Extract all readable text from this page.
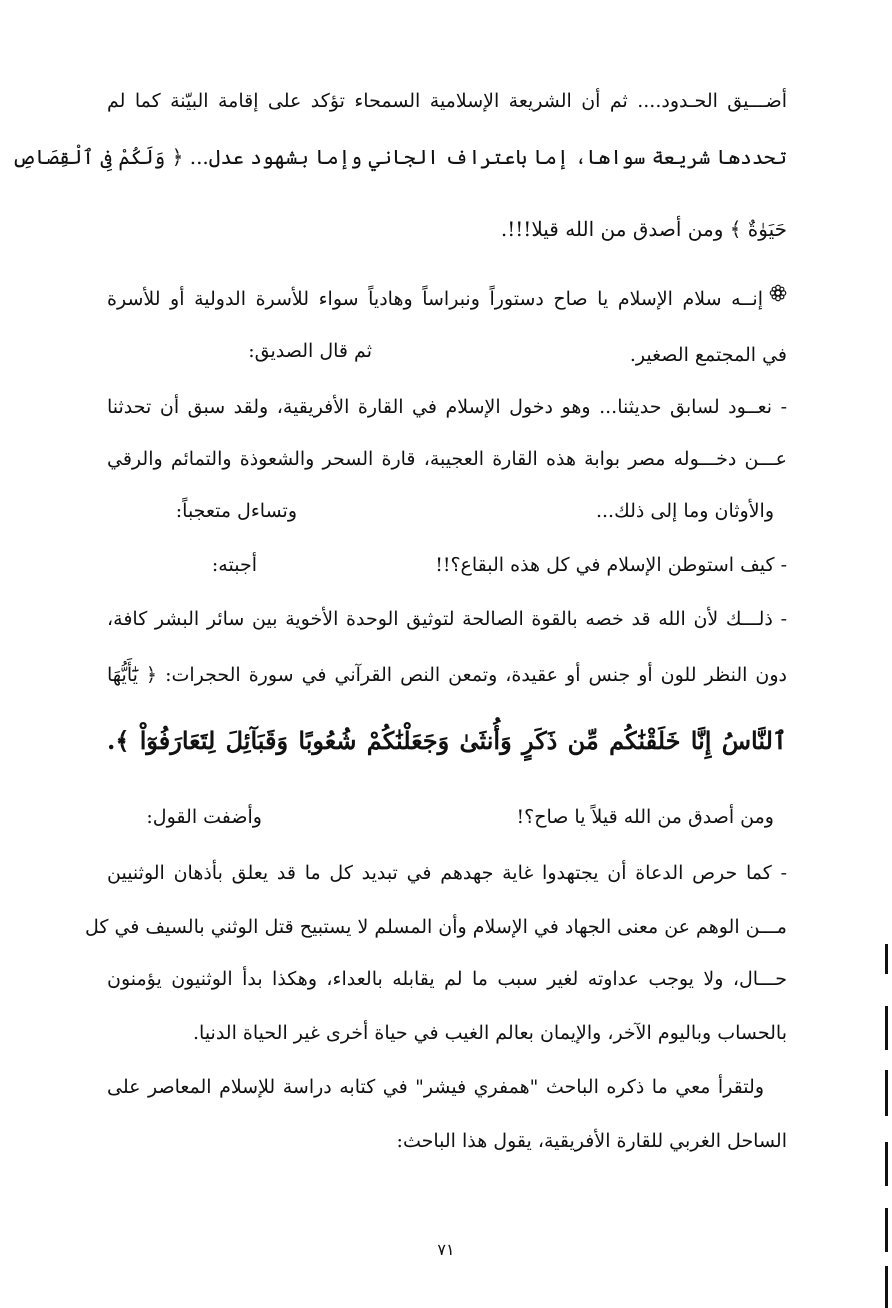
أضـــيق الحـدود.... ثم أن الشريعة الإسلامية السمحاء تؤكد على إقامة البيّنة كما لم
تحددها شريعة سواها، إما باعتراف الجاني وإما بشهود عدل... ﴿ وَلَكُمْ فِى ٱلْقِصَاصِ
حَيَوٰةٌ ﴾ ومن أصدق من الله قيلا!!!.
إنــه سلام الإسلام يا صاح دستوراً ونبراساً وهادياً سواء للأسرة الدولية أو للأسرة
في المجتمع الصغير.
ثم قال الصديق:
- نعــود لسابق حديثنا... وهو دخول الإسلام في القارة الأفريقية، ولقد سبق أن تحدثنا
عـــن دخـــوله مصر بوابة هذه القارة العجيبة، قارة السحر والشعوذة والتمائم والرقي
والأوثان وما إلى ذلك...
وتساءل متعجباً:
- كيف استوطن الإسلام في كل هذه البقاع؟!!
أجبته:
- ذلـــك لأن الله قد خصه بالقوة الصالحة لتوثيق الوحدة الأخوية بين سائر البشر كافة،
دون النظر للون أو جنس أو عقيدة، وتمعن النص القرآني في سورة الحجرات: ﴿ يَٰٓأَيُّهَا
ٱلنَّاسُ إِنَّا خَلَقْنَٰكُم مِّن ذَكَرٍ وَأُنثَىٰ وَجَعَلْنَٰكُمْ شُعُوبًا وَقَبَآئِلَ لِتَعَارَفُوٓاْ ﴾.
ومن أصدق من الله قيلاً يا صاح؟!
وأضفت القول:
- كما حرص الدعاة أن يجتهدوا غاية جهدهم في تبديد كل ما قد يعلق بأذهان الوثنيين
مـــن الوهم عن معنى الجهاد في الإسلام وأن المسلم لا يستبيح قتل الوثني بالسيف في كل
حـــال، ولا يوجب عداوته لغير سبب ما لم يقابله بالعداء، وهكذا بدأ الوثنيون يؤمنون
بالحساب وباليوم الآخر، والإيمان بعالم الغيب في حياة أخرى غير الحياة الدنيا.
ولتقرأ معي ما ذكره الباحث "همفري فيشر" في كتابه دراسة للإسلام المعاصر على
الساحل الغربي للقارة الأفريقية، يقول هذا الباحث:
٧١
